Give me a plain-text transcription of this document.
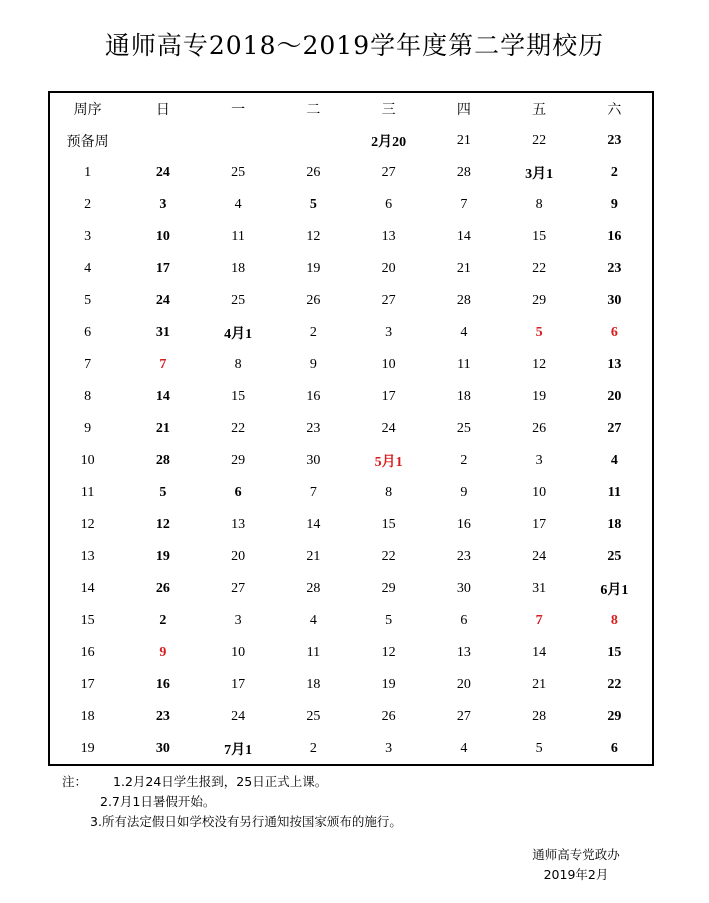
通师高专2018～2019学年度第二学期校历
周序	日	一	二	三	四	五	六
预备周				2月20	21	22	23
1	24	25	26	27	28	3月1	2
2	3	4	5	6	7	8	9
3	10	11	12	13	14	15	16
4	17	18	19	20	21	22	23
5	24	25	26	27	28	29	30
6	31	4月1	2	3	4	5	6
7	7	8	9	10	11	12	13
8	14	15	16	17	18	19	20
9	21	22	23	24	25	26	27
10	28	29	30	5月1	2	3	4
11	5	6	7	8	9	10	11
12	12	13	14	15	16	17	18
13	19	20	21	22	23	24	25
14	26	27	28	29	30	31	6月1
15	2	3	4	5	6	7	8
16	9	10	11	12	13	14	15
17	16	17	18	19	20	21	22
18	23	24	25	26	27	28	29
19	30	7月1	2	3	4	5	6
注： 1.2月24日学生报到，25日正式上课。
2.7月1日暑假开始。
3.所有法定假日如学校没有另行通知按国家颁布的施行。
通师高专党政办
2019年2月
